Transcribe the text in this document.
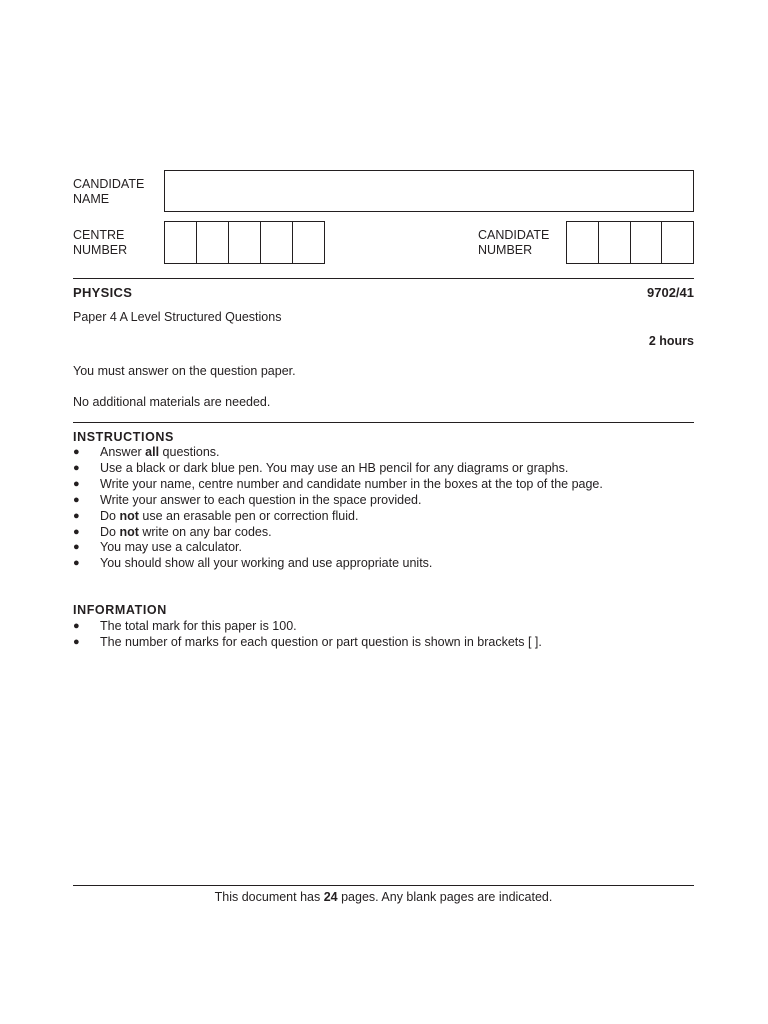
CANDIDATE
NAME
CENTRE
NUMBER
CANDIDATE
NUMBER
PHYSICS	9702/41
Paper 4 A Level Structured Questions
2 hours
You must answer on the question paper.
No additional materials are needed.
INSTRUCTIONS
● Answer all questions.
● Use a black or dark blue pen. You may use an HB pencil for any diagrams or graphs.
● Write your name, centre number and candidate number in the boxes at the top of the page.
● Write your answer to each question in the space provided.
● Do not use an erasable pen or correction fluid.
● Do not write on any bar codes.
● You may use a calculator.
● You should show all your working and use appropriate units.
INFORMATION
● The total mark for this paper is 100.
● The number of marks for each question or part question is shown in brackets [ ].
This document has 24 pages. Any blank pages are indicated.
